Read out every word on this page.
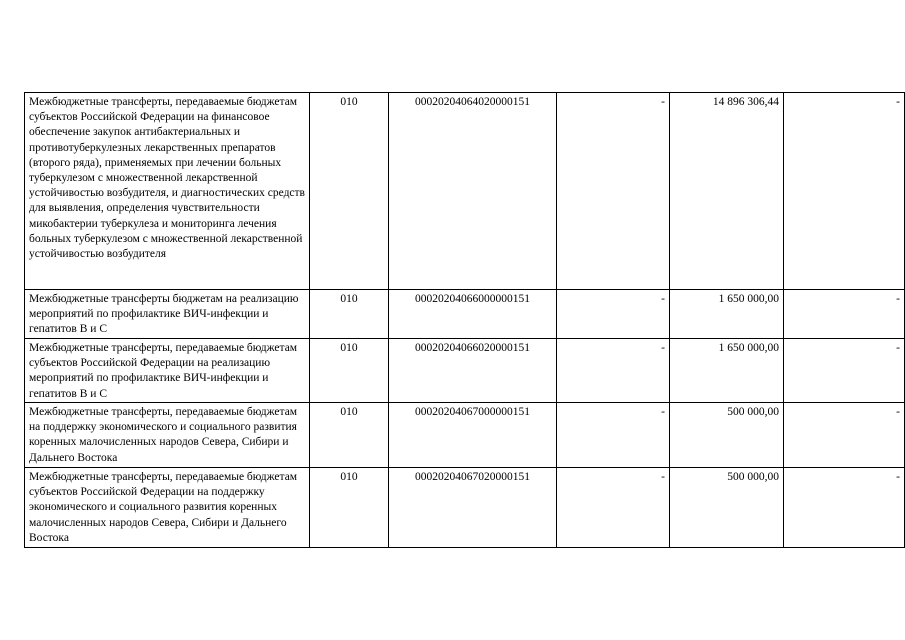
Межбюджетные трансферты, передаваемые бюджетам субъектов Российской Федерации на финансовое обеспечение закупок антибактериальных и противотуберкулезных лекарственных препаратов (второго ряда), применяемых при лечении больных туберкулезом с множественной лекарственной устойчивостью возбудителя, и диагностических средств для выявления, определения чувствительности микобактерии туберкулеза и мониторинга лечения больных туберкулезом с множественной лекарственной устойчивостью возбудителя	010	00020204064020000151	-	14 896 306,44	-
Межбюджетные трансферты бюджетам на реализацию мероприятий по профилактике ВИЧ-инфекции и гепатитов В и С	010	00020204066000000151	-	1 650 000,00	-
Межбюджетные трансферты, передаваемые бюджетам субъектов Российской Федерации на реализацию мероприятий по профилактике ВИЧ-инфекции и гепатитов В и С	010	00020204066020000151	-	1 650 000,00	-
Межбюджетные трансферты, передаваемые бюджетам на поддержку экономического и социального развития коренных малочисленных народов Севера, Сибири и Дальнего Востока	010	00020204067000000151	-	500 000,00	-
Межбюджетные трансферты, передаваемые бюджетам субъектов Российской Федерации на поддержку экономического и социального развития коренных малочисленных народов Севера, Сибири и Дальнего Востока	010	00020204067020000151	-	500 000,00	-
